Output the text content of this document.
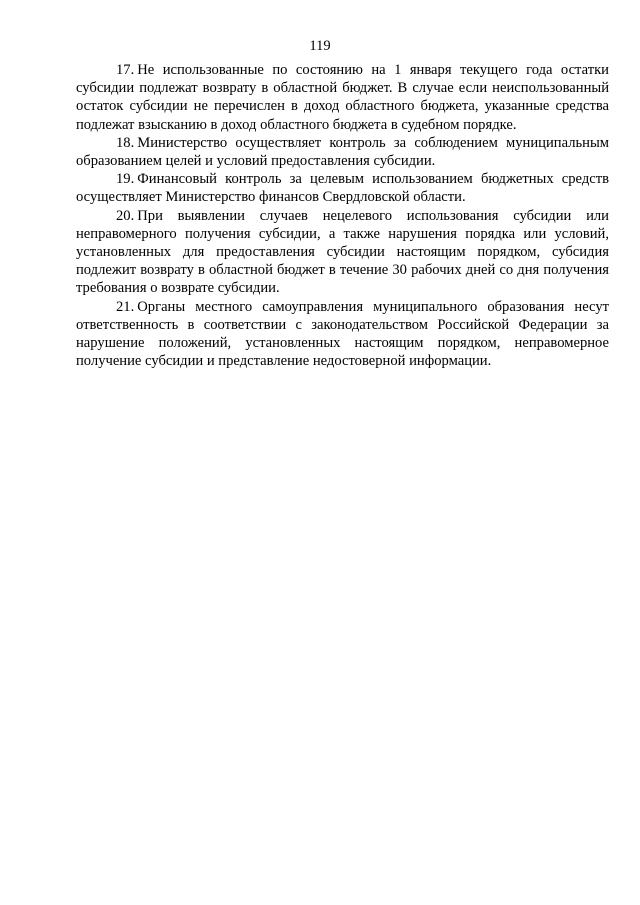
119

17. Не использованные по состоянию на 1 января текущего года остатки субсидии подлежат возврату в областной бюджет. В случае если неиспользованный остаток субсидии не перечислен в доход областного бюджета, указанные средства подлежат взысканию в доход областного бюджета в судебном порядке.

18. Министерство осуществляет контроль за соблюдением муниципальным образованием целей и условий предоставления субсидии.

19. Финансовый контроль за целевым использованием бюджетных средств осуществляет Министерство финансов Свердловской области.

20. При выявлении случаев нецелевого использования субсидии или неправомерного получения субсидии, а также нарушения порядка или условий, установленных для предоставления субсидии настоящим порядком, субсидия подлежит возврату в областной бюджет в течение 30 рабочих дней со дня получения требования о возврате субсидии.

21. Органы местного самоуправления муниципального образования несут ответственность в соответствии с законодательством Российской Федерации за нарушение положений, установленных настоящим порядком, неправомерное получение субсидии и представление недостоверной информации.
